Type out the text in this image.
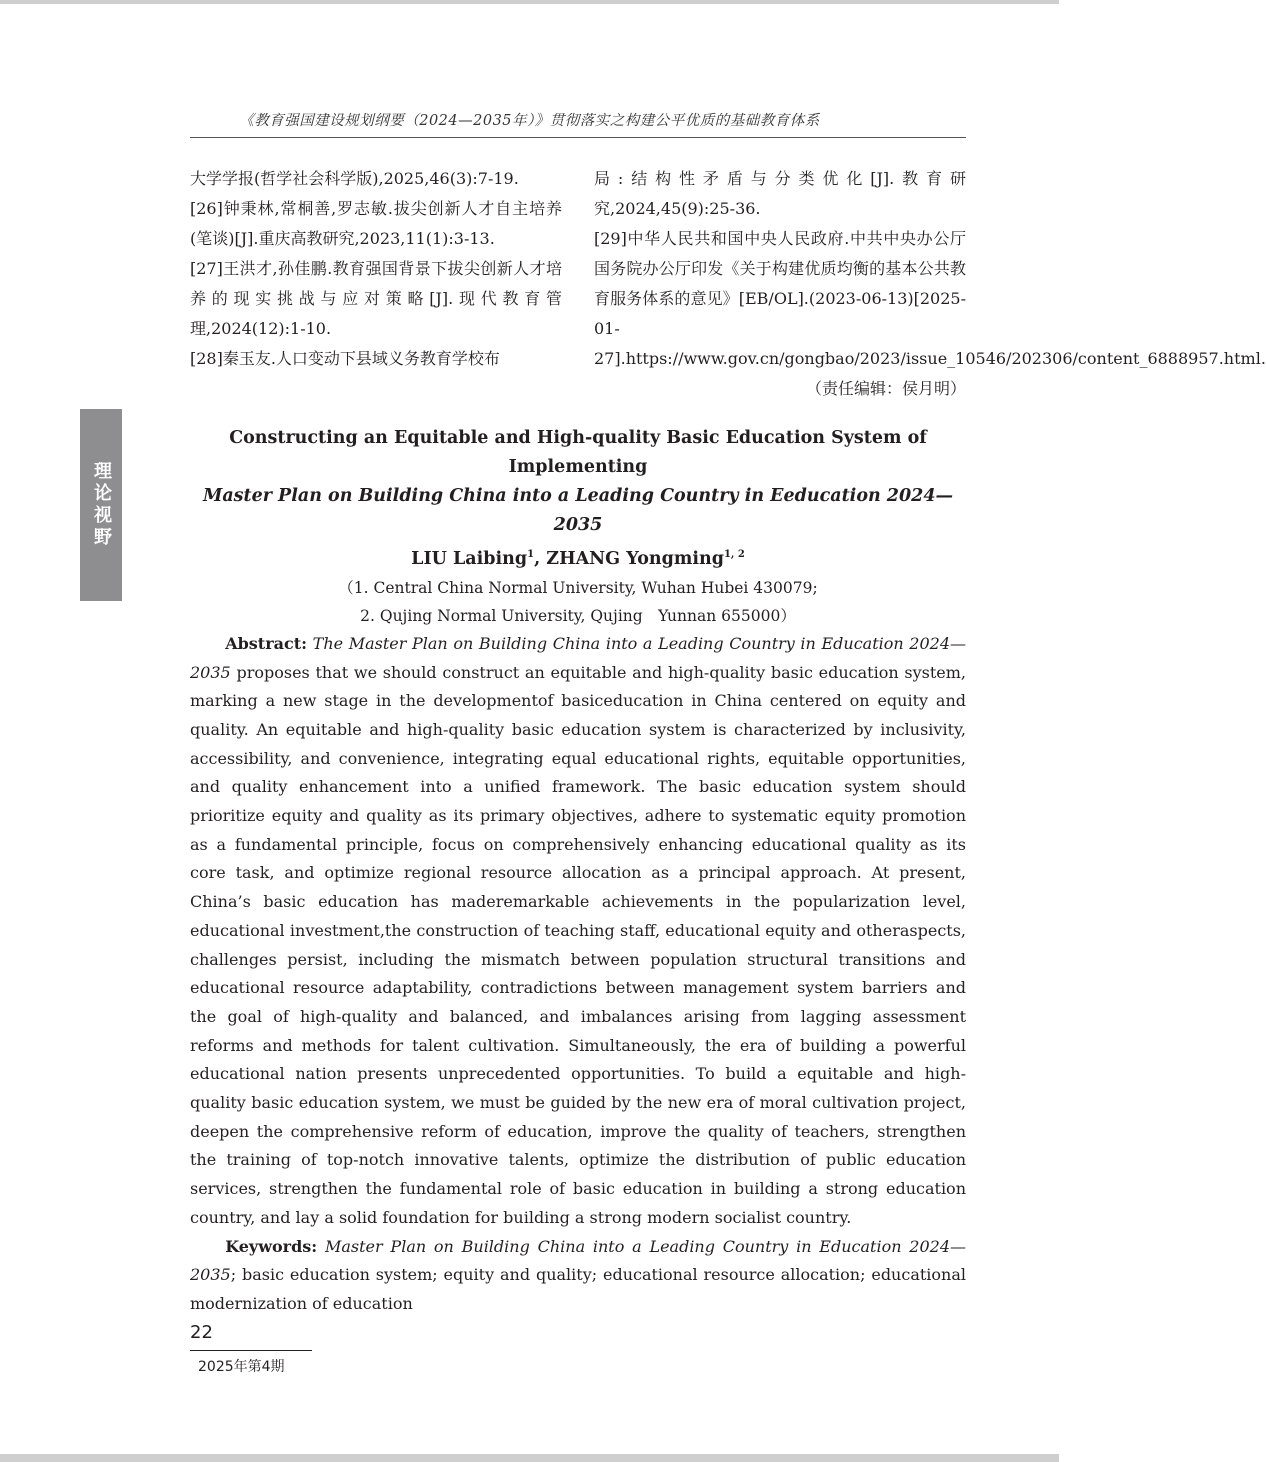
《教育强国建设规划纲要（2024—2035年）》贯彻落实之构建公平优质的基础教育体系

大学学报(哲学社会科学版),2025,46(3):7-19.

[26]钟秉林,常桐善,罗志敏.拔尖创新人才自主培养(笔谈)[J].重庆高教研究,2023,11(1):3-13.

[27]王洪才,孙佳鹏.教育强国背景下拔尖创新人才培养的现实挑战与应对策略[J].现代教育管理,2024(12):1-10.

[28]秦玉友.人口变动下县域义务教育学校布

局:结构性矛盾与分类优化[J].教育研究,2024,45(9):25-36.

[29]中华人民共和国中央人民政府.中共中央办公厅 国务院办公厅印发《关于构建优质均衡的基本公共教育服务体系的意见》[EB/OL].(2023-06-13)[2025-01-27].https://www.gov.cn/gongbao/2023/issue_10546/202306/content_6888957.html.

（责任编辑：侯月明）

理论视野

Constructing an Equitable and High-quality Basic Education System of Implementing

Master Plan on Building China into a Leading Country in Eeducation 2024—2035

LIU Laibing$^1$, ZHANG Yongming$^{1, 2}$

（1. Central China Normal University, Wuhan Hubei 430079;

2. Qujing Normal University, Qujing　Yunnan 655000）

Abstract: The Master Plan on Building China into a Leading Country in Education 2024—2035 proposes that we should construct an equitable and high-quality basic education system, marking a new stage in the developmentof basiceducation in China centered on equity and quality. An equitable and high-quality basic education system is characterized by inclusivity, accessibility, and convenience, integrating equal educational rights, equitable opportunities, and quality enhancement into a unified framework. The basic education system should prioritize equity and quality as its primary objectives, adhere to systematic equity promotion as a fundamental principle, focus on comprehensively enhancing educational quality as its core task, and optimize regional resource allocation as a principal approach. At present, China’s basic education has maderemarkable achievements in the popularization level, educational investment,the construction of teaching staff, educational equity and otheraspects, challenges persist, including the mismatch between population structural transitions and educational resource adaptability, contradictions between management system barriers and the goal of high-quality and balanced, and imbalances arising from lagging assessment reforms and methods for talent cultivation. Simultaneously, the era of building a powerful educational nation presents unprecedented opportunities. To build a equitable and high-quality basic education system, we must be guided by the new era of moral cultivation project, deepen the comprehensive reform of education, improve the quality of teachers, strengthen the training of top-notch innovative talents, optimize the distribution of public education services, strengthen the fundamental role of basic education in building a strong education country, and lay a solid foundation for building a strong modern socialist country.

Keywords: Master Plan on Building China into a Leading Country in Education 2024—2035; basic education system; equity and quality; educational resource allocation; educational modernization of education

22
2025年第4期
